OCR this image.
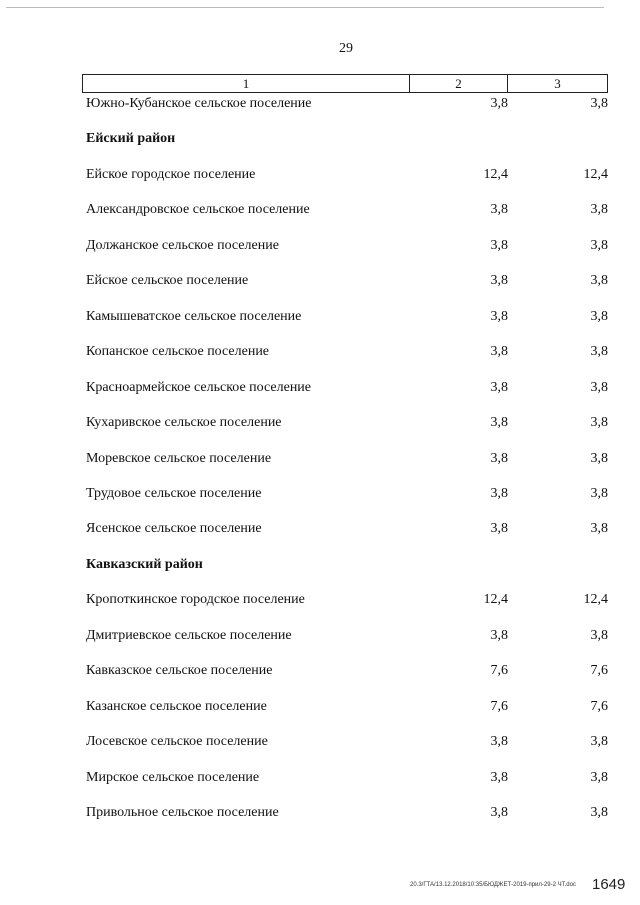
29
1	2	3
Южно-Кубанское сельское поселение	3,8	3,8
Ейский район
Ейское городское поселение	12,4	12,4
Александровское сельское поселение	3,8	3,8
Должанское сельское поселение	3,8	3,8
Ейское сельское поселение	3,8	3,8
Камышеватское сельское поселение	3,8	3,8
Копанское сельское поселение	3,8	3,8
Красноармейское сельское поселение	3,8	3,8
Кухаривское сельское поселение	3,8	3,8
Моревское сельское поселение	3,8	3,8
Трудовое сельское поселение	3,8	3,8
Ясенское сельское поселение	3,8	3,8
Кавказский район
Кропоткинское городское поселение	12,4	12,4
Дмитриевское сельское поселение	3,8	3,8
Кавказское сельское поселение	7,6	7,6
Казанское сельское поселение	7,6	7,6
Лосевское сельское поселение	3,8	3,8
Мирское сельское поселение	3,8	3,8
Привольное сельское поселение	3,8	3,8
20.3/ГТА/13.12.2018/10:35/БЮДЖЕТ-2019-прил-29-2 ЧТ.doc 1649
